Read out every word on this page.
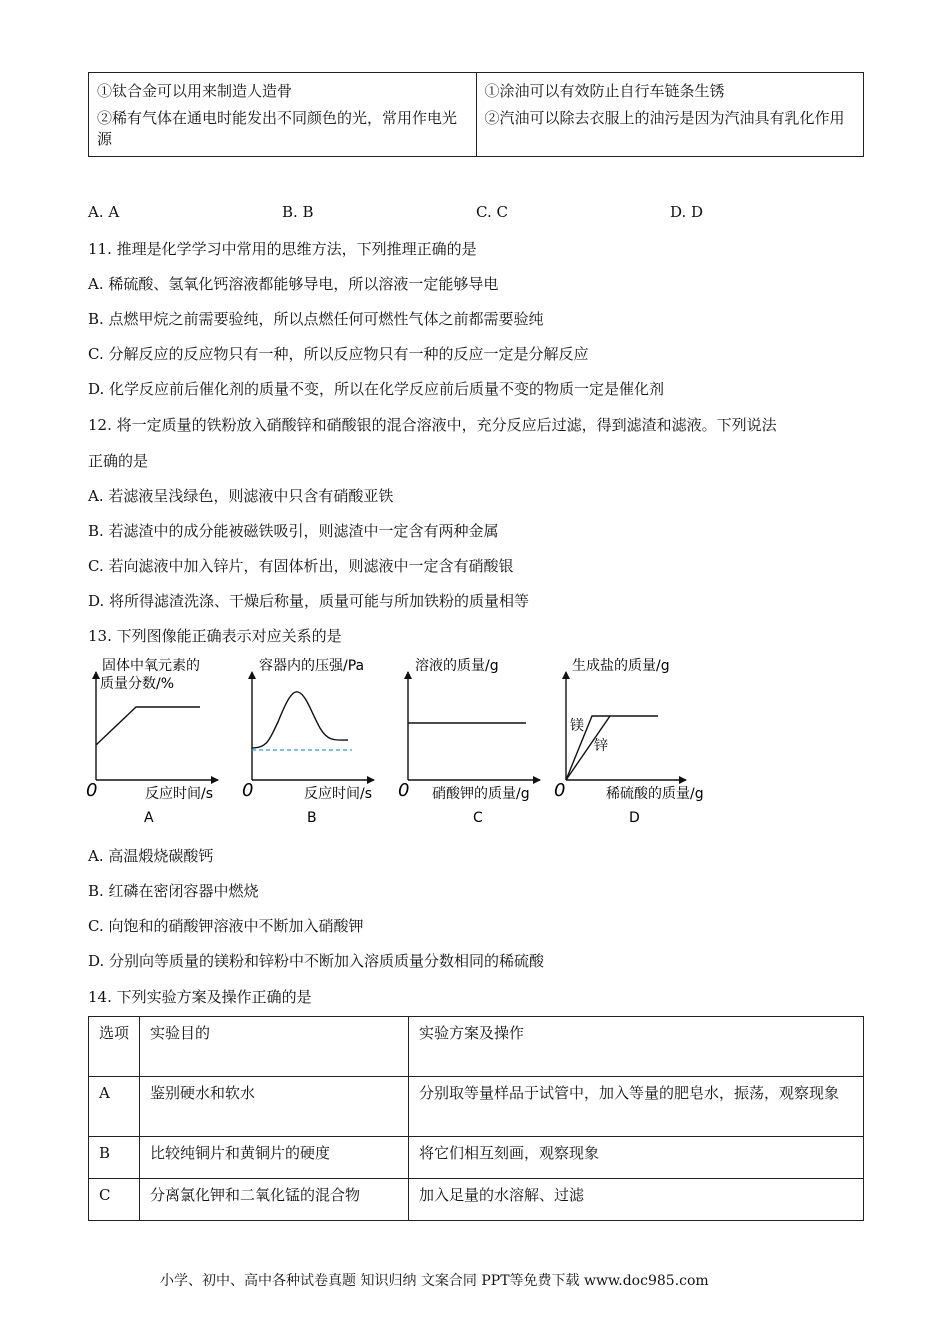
①钛合金可以用来制造人造骨
②稀有气体在通电时能发出不同颜色的光，常用作电光源

①涂油可以有效防止自行车链条生锈
②汽油可以除去衣服上的油污是因为汽油具有乳化作用
A. A	B. B	C. C	D. D
11. 推理是化学学习中常用的思维方法，下列推理正确的是
A. 稀硫酸、氢氧化钙溶液都能够导电，所以溶液一定能够导电
B. 点燃甲烷之前需要验纯，所以点燃任何可燃性气体之前都需要验纯
C. 分解反应的反应物只有一种，所以反应物只有一种的反应一定是分解反应
D. 化学反应前后催化剂的质量不变，所以在化学反应前后质量不变的物质一定是催化剂
12. 将一定质量的铁粉放入硝酸锌和硝酸银的混合溶液中，充分反应后过滤，得到滤渣和滤液。下列说法
正确的是
A. 若滤液呈浅绿色，则滤液中只含有硝酸亚铁
B. 若滤渣中的成分能被磁铁吸引，则滤渣中一定含有两种金属
C. 若向滤液中加入锌片，有固体析出，则滤液中一定含有硝酸银
D. 将所得滤渣洗涤、干燥后称量，质量可能与所加铁粉的质量相等
13. 下列图像能正确表示对应关系的是
固体中氧元素的
质量分数/%
0	反应时间/s
A
容器内的压强/Pa
0	反应时间/s
B
溶液的质量/g
0 硝酸钾的质量/g
C
生成盐的质量/g
镁
锌
0	稀硫酸的质量/g
D
A. 高温煅烧碳酸钙
B. 红磷在密闭容器中燃烧
C. 向饱和的硝酸钾溶液中不断加入硝酸钾
D. 分别向等质量的镁粉和锌粉中不断加入溶质质量分数相同的稀硫酸
14. 下列实验方案及操作正确的是
选项	实验目的	实验方案及操作
A	鉴别硬水和软水	分别取等量样品于试管中，加入等量的肥皂水，振荡，观察现象
B	比较纯铜片和黄铜片的硬度	将它们相互刻画，观察现象
C	分离氯化钾和二氧化锰的混合物	加入足量的水溶解、过滤
小学、初中、高中各种试卷真题 知识归纳 文案合同 PPT等免费下载 www.doc985.com
